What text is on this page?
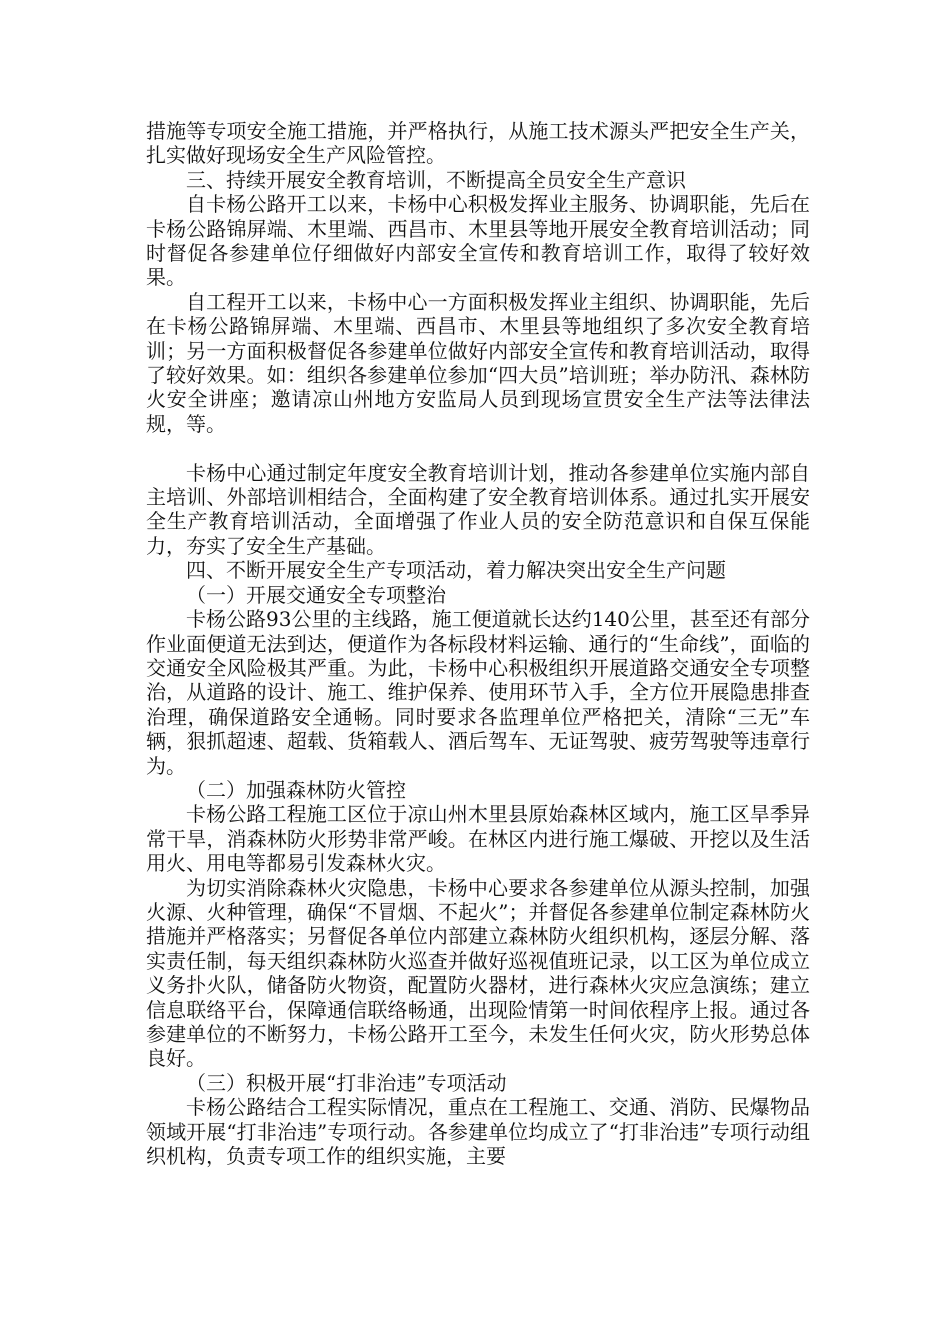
措施等专项安全施工措施，并严格执行，从施工技术源头严把安全生产关，扎实做好现场安全生产风险管控。

三、持续开展安全教育培训，不断提高全员安全生产意识

自卡杨公路开工以来，卡杨中心积极发挥业主服务、协调职能，先后在卡杨公路锦屏端、木里端、西昌市、木里县等地开展安全教育培训活动；同时督促各参建单位仔细做好内部安全宣传和教育培训工作，取得了较好效果。

自工程开工以来，卡杨中心一方面积极发挥业主组织、协调职能，先后在卡杨公路锦屏端、木里端、西昌市、木里县等地组织了多次安全教育培训；另一方面积极督促各参建单位做好内部安全宣传和教育培训活动，取得了较好效果。如：组织各参建单位参加“四大员”培训班；举办防汛、森林防火安全讲座；邀请凉山州地方安监局人员到现场宣贯安全生产法等法律法规，等。

卡杨中心通过制定年度安全教育培训计划，推动各参建单位实施内部自主培训、外部培训相结合，全面构建了安全教育培训体系。通过扎实开展安全生产教育培训活动，全面增强了作业人员的安全防范意识和自保互保能力，夯实了安全生产基础。

四、不断开展安全生产专项活动，着力解决突出安全生产问题

（一）开展交通安全专项整治

卡杨公路93公里的主线路，施工便道就长达约140公里，甚至还有部分作业面便道无法到达，便道作为各标段材料运输、通行的“生命线”，面临的交通安全风险极其严重。为此，卡杨中心积极组织开展道路交通安全专项整治，从道路的设计、施工、维护保养、使用环节入手，全方位开展隐患排查治理，确保道路安全通畅。同时要求各监理单位严格把关，清除“三无”车辆，狠抓超速、超载、货箱载人、酒后驾车、无证驾驶、疲劳驾驶等违章行为。

（二）加强森林防火管控

卡杨公路工程施工区位于凉山州木里县原始森林区域内，施工区旱季异常干旱，消森林防火形势非常严峻。在林区内进行施工爆破、开挖以及生活用火、用电等都易引发森林火灾。

为切实消除森林火灾隐患，卡杨中心要求各参建单位从源头控制，加强火源、火种管理，确保“不冒烟、不起火”；并督促各参建单位制定森林防火措施并严格落实；另督促各单位内部建立森林防火组织机构，逐层分解、落实责任制，每天组织森林防火巡查并做好巡视值班记录，以工区为单位成立义务扑火队，储备防火物资，配置防火器材，进行森林火灾应急演练；建立信息联络平台，保障通信联络畅通，出现险情第一时间依程序上报。通过各参建单位的不断努力，卡杨公路开工至今，未发生任何火灾，防火形势总体良好。

（三）积极开展“打非治违”专项活动

卡杨公路结合工程实际情况，重点在工程施工、交通、消防、民爆物品领域开展“打非治违”专项行动。各参建单位均成立了“打非治违”专项行动组织机构，负责专项工作的组织实施，主要
